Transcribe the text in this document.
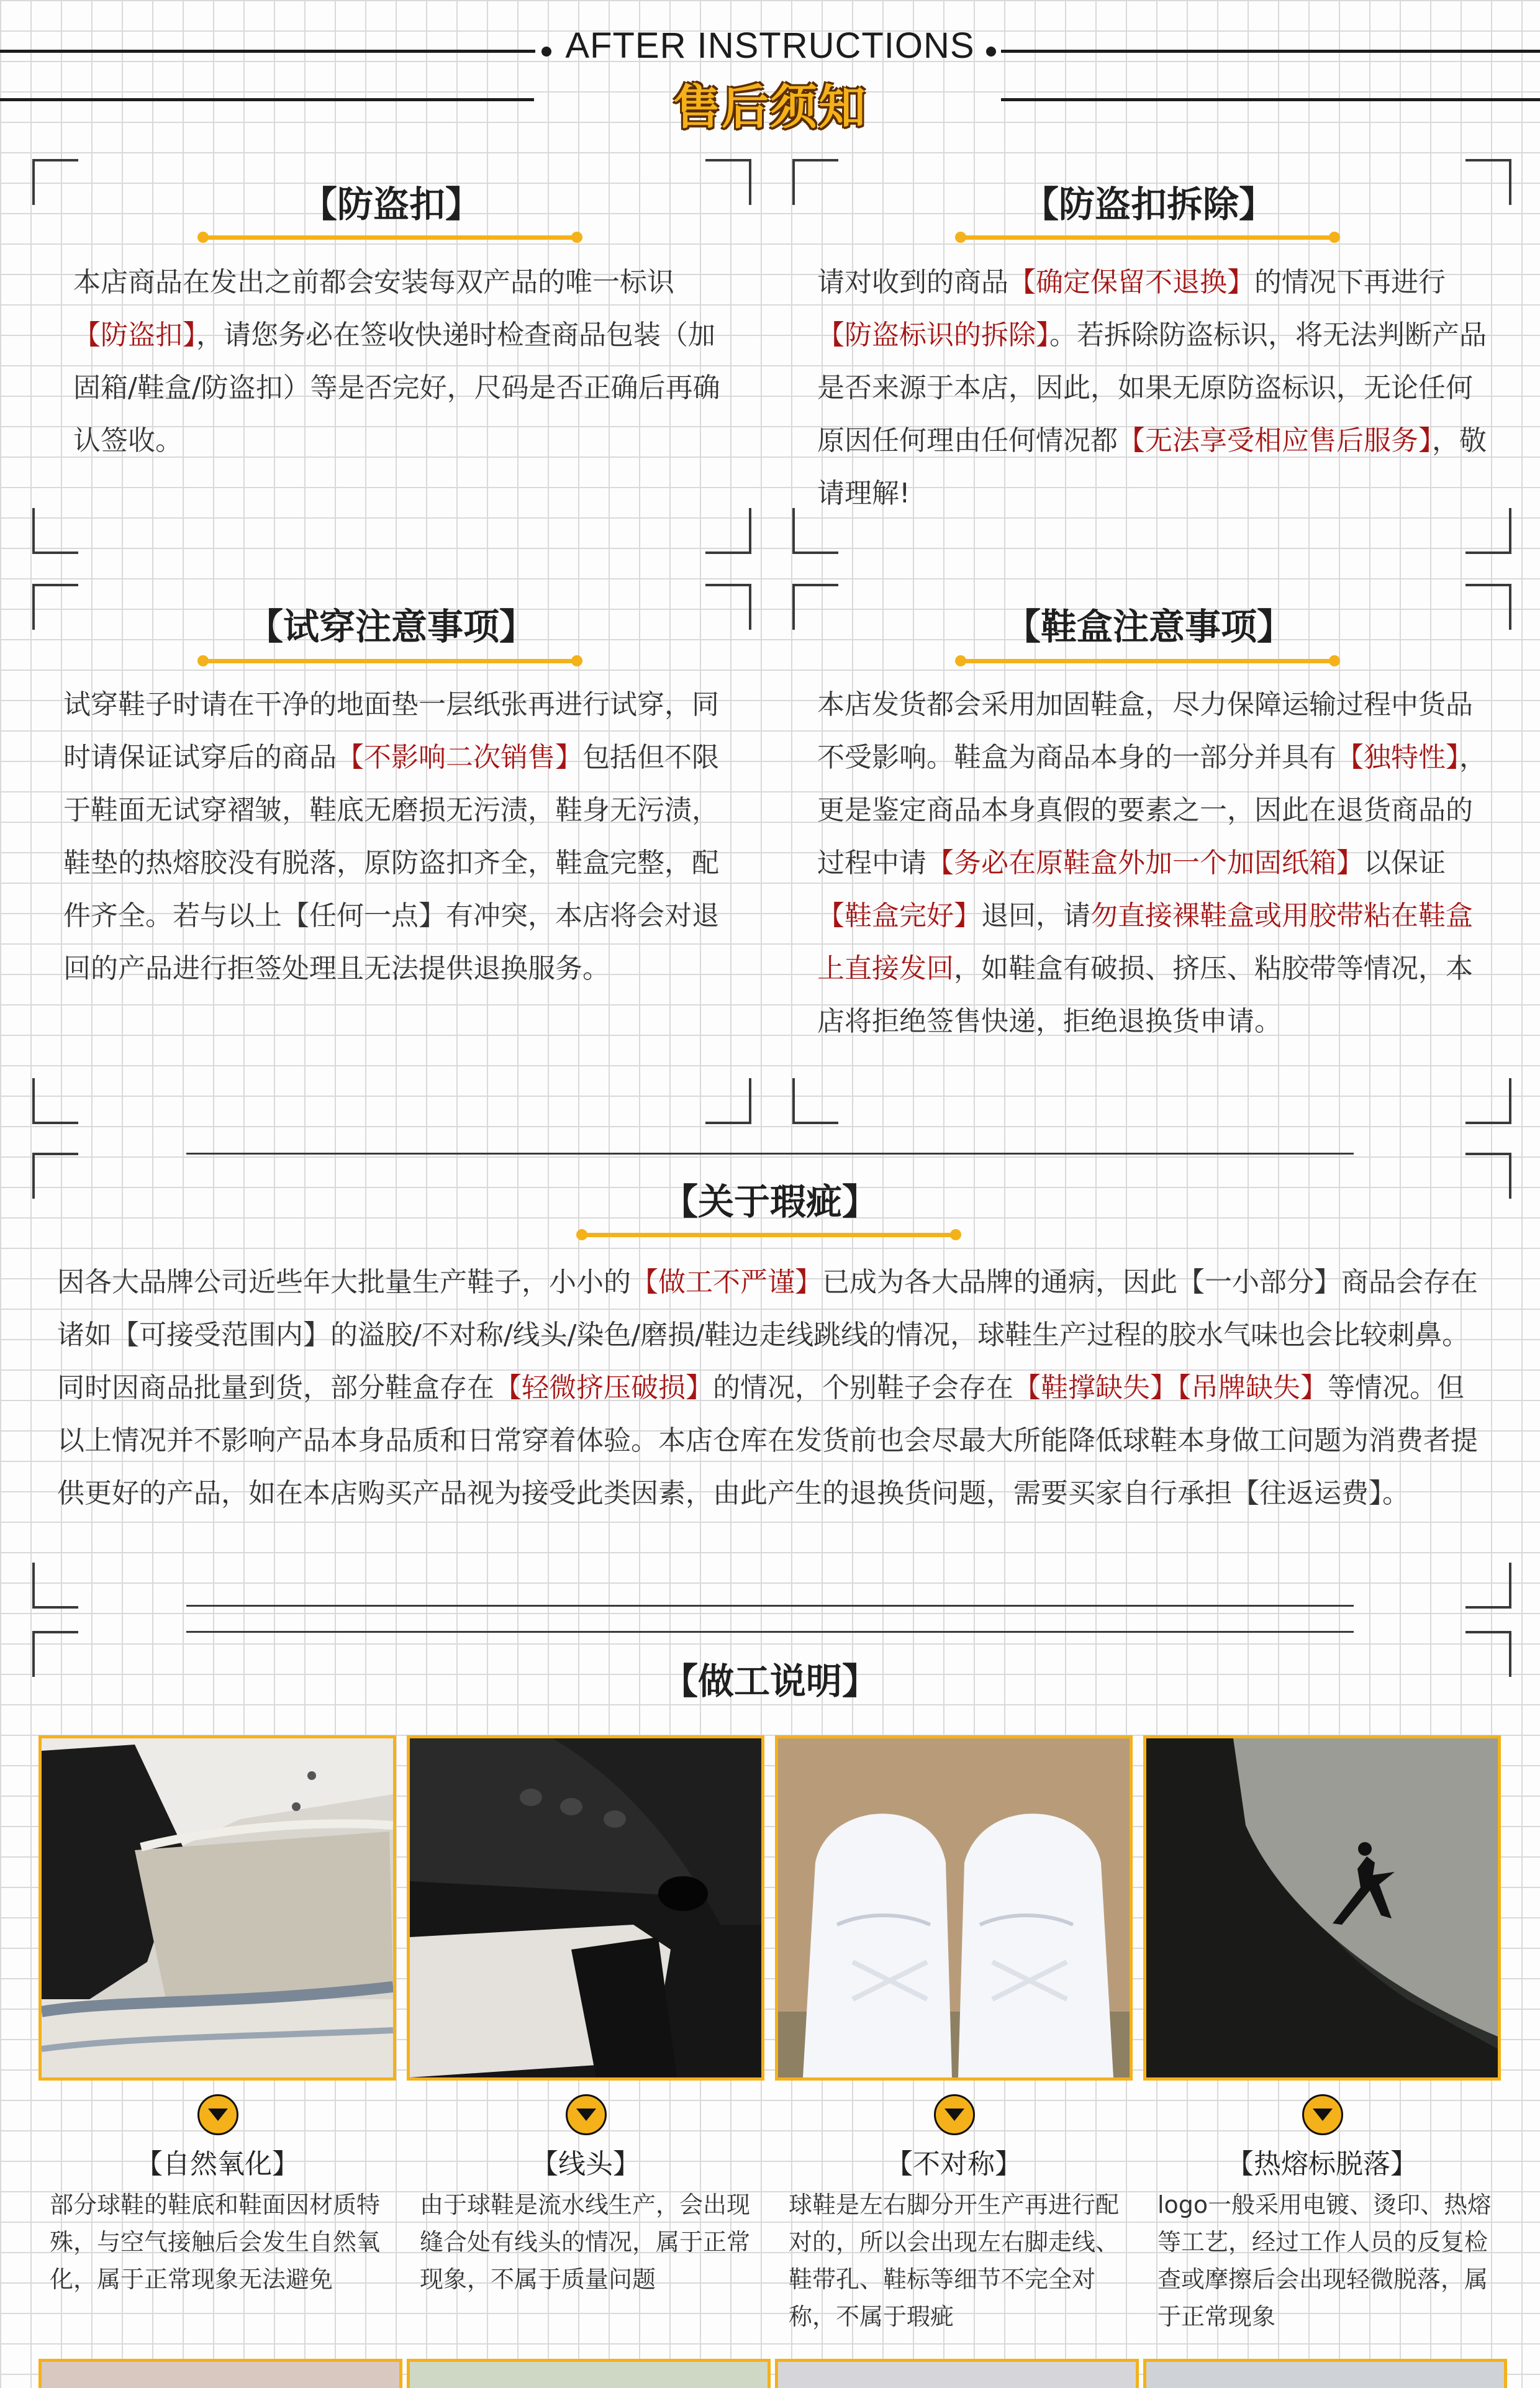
AFTER INSTRUCTIONS
售后须知
【防盗扣】
本店商品在发出之前都会安装每双产品的唯一标识【防盗扣】，请您务必在签收快递时检查商品包装（加固箱/鞋盒/防盗扣）等是否完好，尺码是否正确后再确认签收。
【防盗扣拆除】
请对收到的商品【确定保留不退换】的情况下再进行【防盗标识的拆除】。若拆除防盗标识，将无法判断产品是否来源于本店，因此，如果无原防盗标识，无论任何原因任何理由任何情况都【无法享受相应售后服务】，敬请理解!
【试穿注意事项】
试穿鞋子时请在干净的地面垫一层纸张再进行试穿，同时请保证试穿后的商品【不影响二次销售】包括但不限于鞋面无试穿褶皱，鞋底无磨损无污渍，鞋身无污渍，鞋垫的热熔胶没有脱落，原防盗扣齐全，鞋盒完整，配件齐全。若与以上【任何一点】有冲突，本店将会对退回的产品进行拒签处理且无法提供退换服务。
【鞋盒注意事项】
本店发货都会采用加固鞋盒，尽力保障运输过程中货品不受影响。鞋盒为商品本身的一部分并具有【独特性】，更是鉴定商品本身真假的要素之一，因此在退货商品的过程中请【务必在原鞋盒外加一个加固纸箱】以保证【鞋盒完好】退回，请勿直接裸鞋盒或用胶带粘在鞋盒上直接发回，如鞋盒有破损、挤压、粘胶带等情况，本店将拒绝签售快递，拒绝退换货申请。
【关于瑕疵】
因各大品牌公司近些年大批量生产鞋子，小小的【做工不严谨】已成为各大品牌的通病，因此【一小部分】商品会存在诸如【可接受范围内】的溢胶/不对称/线头/染色/磨损/鞋边走线跳线的情况，球鞋生产过程的胶水气味也会比较刺鼻。同时因商品批量到货，部分鞋盒存在【轻微挤压破损】的情况，个别鞋子会存在【鞋撑缺失】【吊牌缺失】等情况。但以上情况并不影响产品本身品质和日常穿着体验。本店仓库在发货前也会尽最大所能降低球鞋本身做工问题为消费者提供更好的产品，如在本店购买产品视为接受此类因素，由此产生的退换货问题，需要买家自行承担【往返运费】。
【做工说明】
【自然氧化】
部分球鞋的鞋底和鞋面因材质特殊，与空气接触后会发生自然氧化，属于正常现象无法避免
【线头】
由于球鞋是流水线生产，会出现缝合处有线头的情况，属于正常现象，不属于质量问题
【不对称】
球鞋是左右脚分开生产再进行配对的，所以会出现左右脚走线、鞋带孔、鞋标等细节不完全对称，不属于瑕疵
【热熔标脱落】
logo一般采用电镀、烫印、热熔等工艺，经过工作人员的反复检查或摩擦后会出现轻微脱落，属于正常现象
